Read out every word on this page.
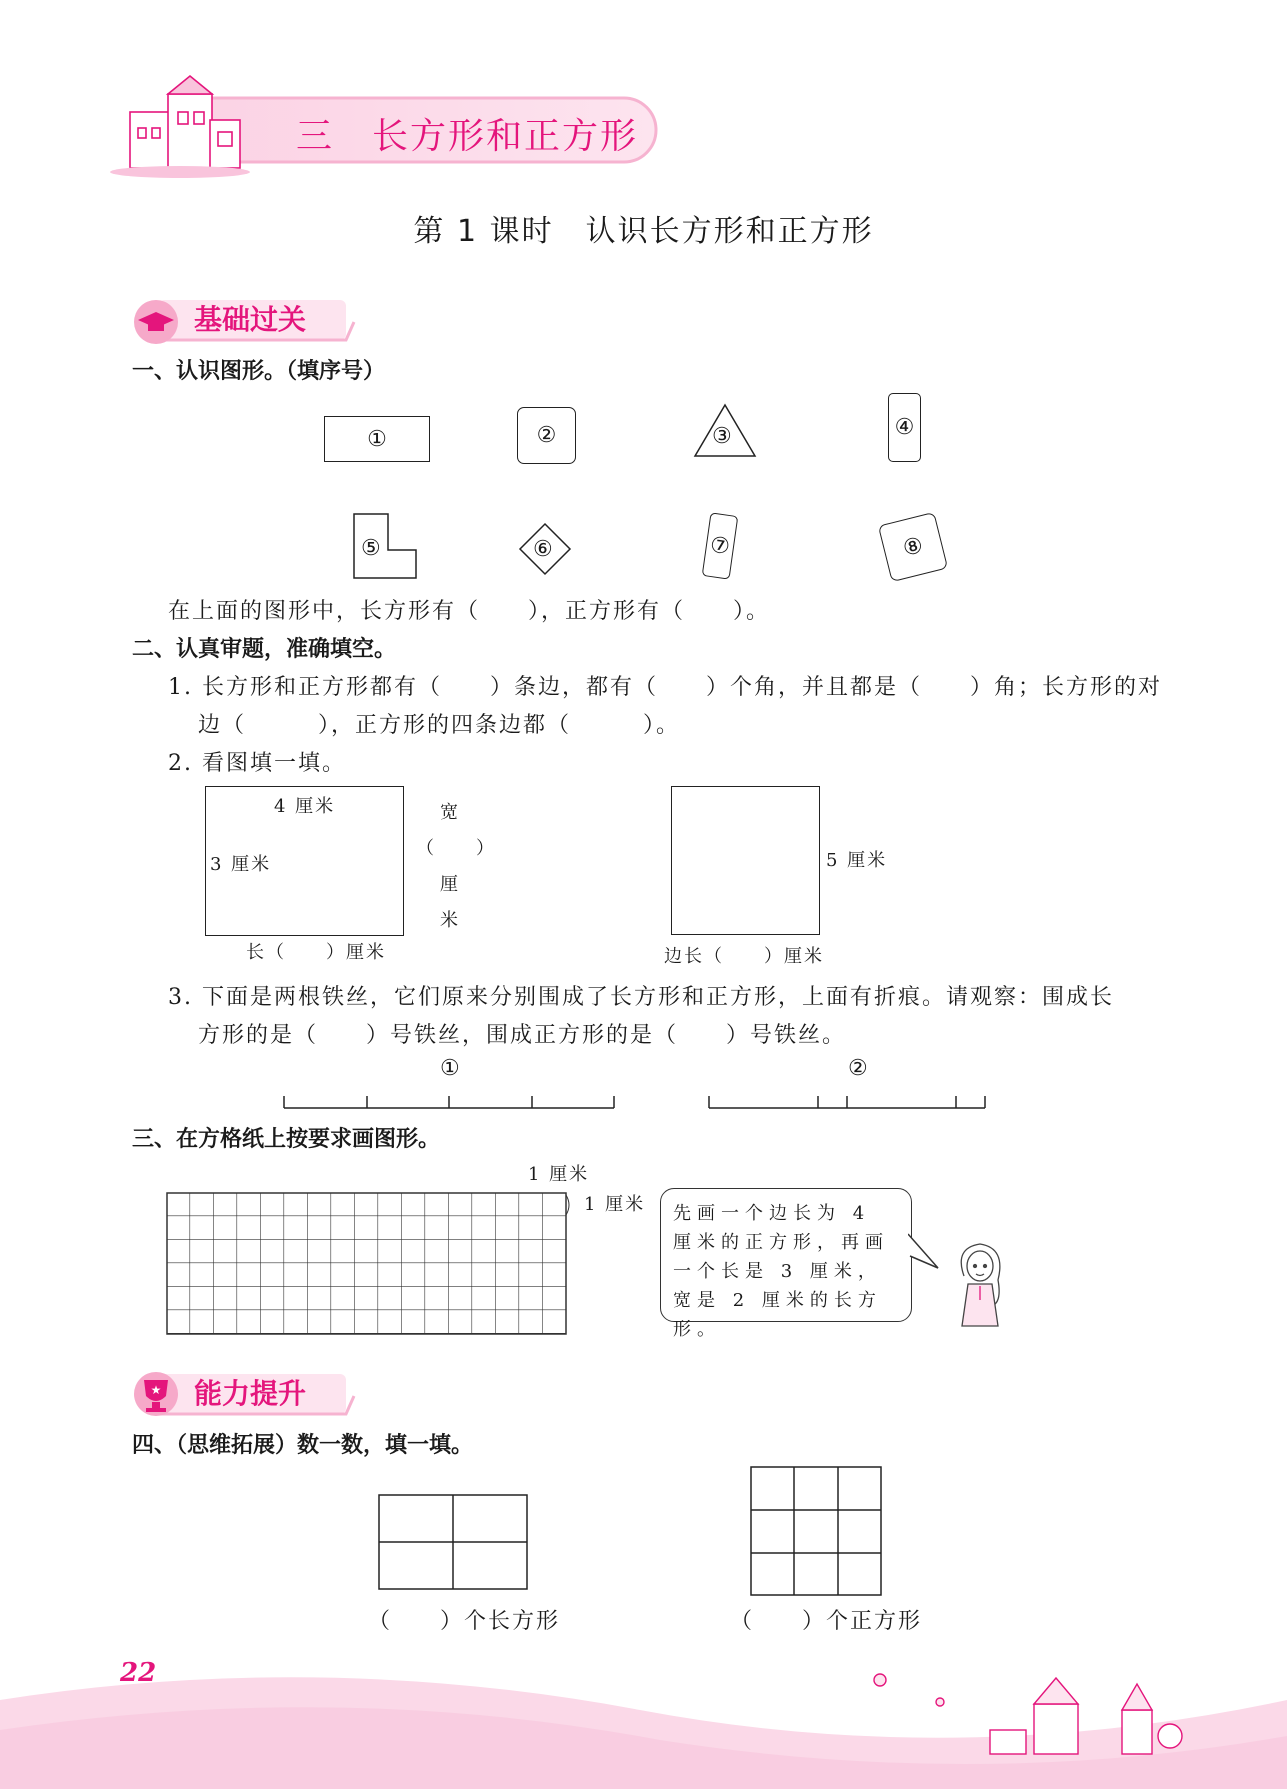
三　 长方形和正方形
第 1 课时　认识长方形和正方形
基础过关
一、认识图形。（填序号）
①	②	③	④
⑤	⑥	⑦	⑧
在上面的图形中，长方形有（　　），正方形有（　　）。
二、认真审题，准确填空。
1. 长方形和正方形都有（　　）条边，都有（　　）个角，并且都是（　　）角；长方形的对
边（　　　），正方形的四条边都（　　　）。
2. 看图填一填。
4 厘米
3 厘米
宽
（　　）
厘
米
长（　　）厘米
5 厘米
边长（　　）厘米
3. 下面是两根铁丝，它们原来分别围成了长方形和正方形，上面有折痕。请观察：围成长
方形的是（　　）号铁丝，围成正方形的是（　　）号铁丝。
①	②
三、在方格纸上按要求画图形。
1 厘米
1 厘米	先画一个边长为 4 厘米的正方形，再画一个长是 3 厘米，宽是 2 厘米的长方形。
★ 能力提升
四、（思维拓展）数一数，填一填。
（　　）个长方形	（　　）个正方形
22
